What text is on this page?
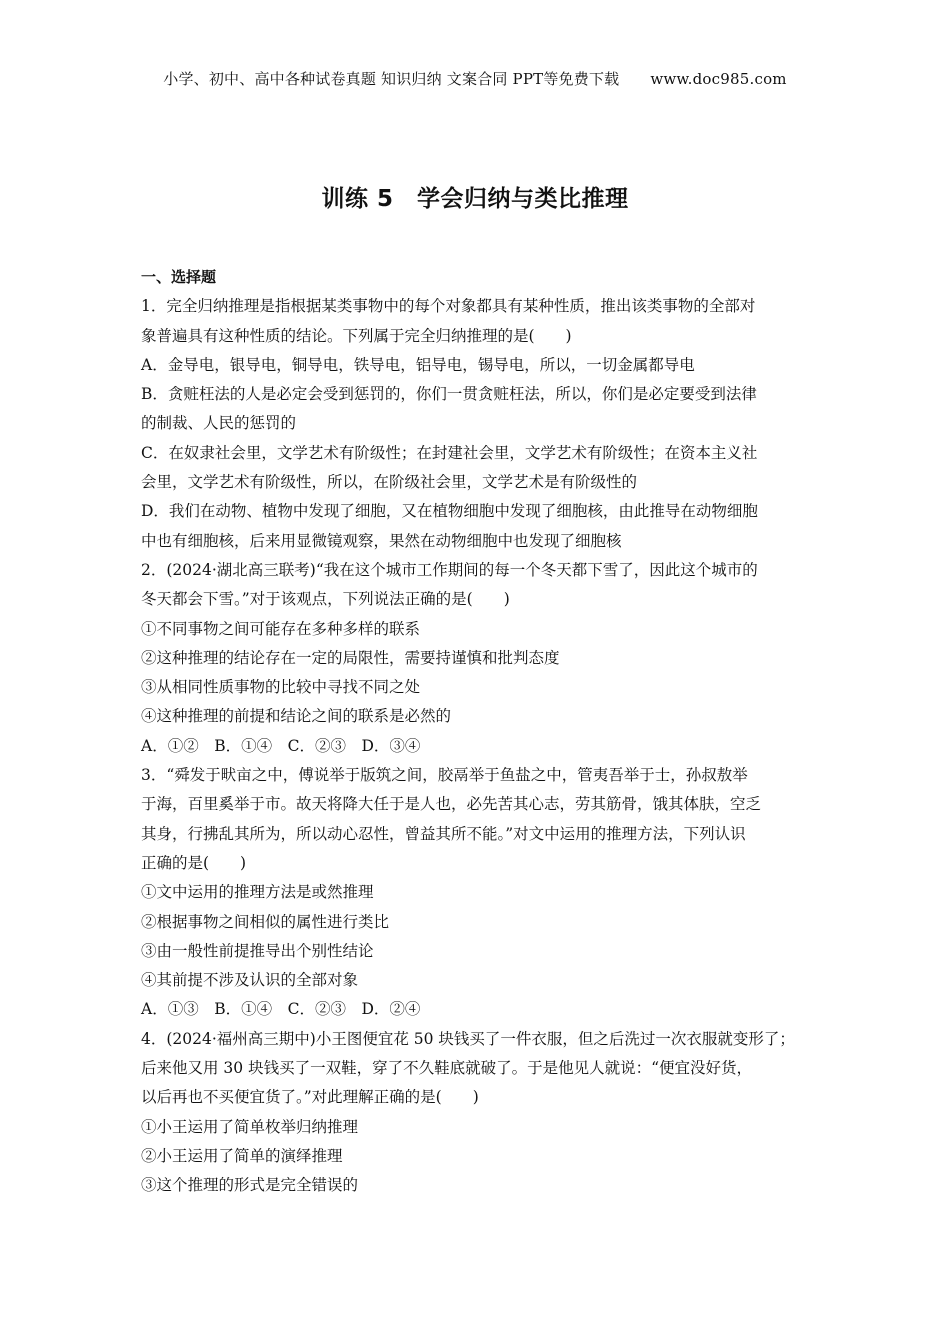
小学、初中、高中各种试卷真题 知识归纳 文案合同 PPT等免费下载 www.doc985.com
训练 5　学会归纳与类比推理
一、选择题
1．完全归纳推理是指根据某类事物中的每个对象都具有某种性质，推出该类事物的全部对
象普遍具有这种性质的结论。下列属于完全归纳推理的是(　　)
A．金导电，银导电，铜导电，铁导电，铝导电，锡导电，所以，一切金属都导电
B．贪赃枉法的人是必定会受到惩罚的，你们一贯贪赃枉法，所以，你们是必定要受到法律
的制裁、人民的惩罚的
C．在奴隶社会里，文学艺术有阶级性；在封建社会里，文学艺术有阶级性；在资本主义社
会里，文学艺术有阶级性，所以，在阶级社会里，文学艺术是有阶级性的
D．我们在动物、植物中发现了细胞，又在植物细胞中发现了细胞核，由此推导在动物细胞
中也有细胞核，后来用显微镜观察，果然在动物细胞中也发现了细胞核
2．(2024·湖北高三联考)“我在这个城市工作期间的每一个冬天都下雪了，因此这个城市的
冬天都会下雪。”对于该观点，下列说法正确的是(　　)
①不同事物之间可能存在多种多样的联系
②这种推理的结论存在一定的局限性，需要持谨慎和批判态度
③从相同性质事物的比较中寻找不同之处
④这种推理的前提和结论之间的联系是必然的
A．①②　B．①④　C．②③　D．③④
3．“舜发于畎亩之中，傅说举于版筑之间，胶鬲举于鱼盐之中，管夷吾举于士，孙叔敖举
于海，百里奚举于市。故天将降大任于是人也，必先苦其心志，劳其筋骨，饿其体肤，空乏
其身，行拂乱其所为，所以动心忍性，曾益其所不能。”对文中运用的推理方法，下列认识
正确的是(　　)
①文中运用的推理方法是或然推理
②根据事物之间相似的属性进行类比
③由一般性前提推导出个别性结论
④其前提不涉及认识的全部对象
A．①③　B．①④　C．②③　D．②④
4．(2024·福州高三期中)小王图便宜花 50 块钱买了一件衣服，但之后洗过一次衣服就变形了；
后来他又用 30 块钱买了一双鞋，穿了不久鞋底就破了。于是他见人就说：“便宜没好货，
以后再也不买便宜货了。”对此理解正确的是(　　)
①小王运用了简单枚举归纳推理
②小王运用了简单的演绎推理
③这个推理的形式是完全错误的
